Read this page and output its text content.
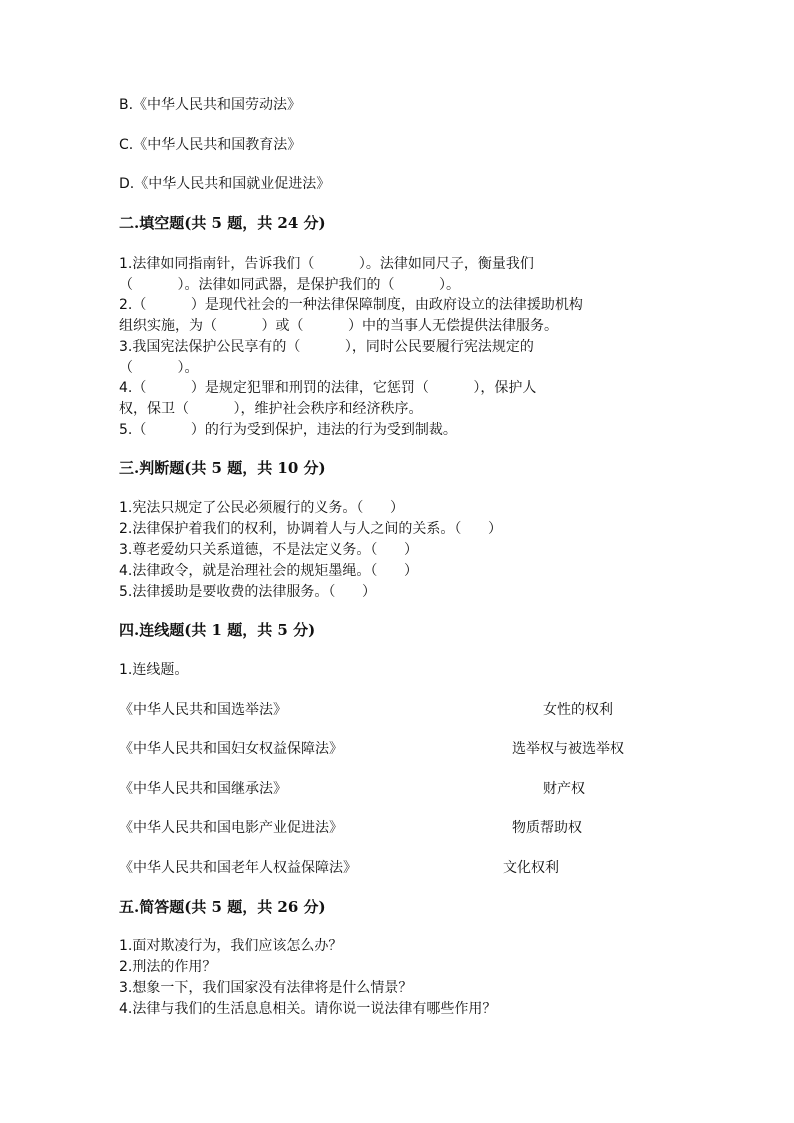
B.《中华人民共和国劳动法》
C.《中华人民共和国教育法》
D.《中华人民共和国就业促进法》
二.填空题(共 5 题，共 24 分)
1.法律如同指南针，告诉我们（          ）。法律如同尺子，衡量我们
（          ）。法律如同武器，是保护我们的（          ）。
2.（          ）是现代社会的一种法律保障制度，由政府设立的法律援助机构
组织实施，为（          ）或（          ）中的当事人无偿提供法律服务。
3.我国宪法保护公民享有的（          ），同时公民要履行宪法规定的
（          ）。
4.（          ）是规定犯罪和刑罚的法律，它惩罚（          ），保护人
权，保卫（          ），维护社会秩序和经济秩序。
5.（          ）的行为受到保护，违法的行为受到制裁。
三.判断题(共 5 题，共 10 分)
1.宪法只规定了公民必须履行的义务。（      ）
2.法律保护着我们的权利，协调着人与人之间的关系。（      ）
3.尊老爱幼只关系道德，不是法定义务。（      ）
4.法律政令，就是治理社会的规矩墨绳。（      ）
5.法律援助是要收费的法律服务。（      ）
四.连线题(共 1 题，共 5 分)
1.连线题。
《中华人民共和国选举法》	女性的权利
《中华人民共和国妇女权益保障法》	选举权与被选举权
《中华人民共和国继承法》	财产权
《中华人民共和国电影产业促进法》	物质帮助权
《中华人民共和国老年人权益保障法》	文化权利
五.简答题(共 5 题，共 26 分)
1.面对欺凌行为，我们应该怎么办？
2.刑法的作用？
3.想象一下，我们国家没有法律将是什么情景？
4.法律与我们的生活息息相关。请你说一说法律有哪些作用？
